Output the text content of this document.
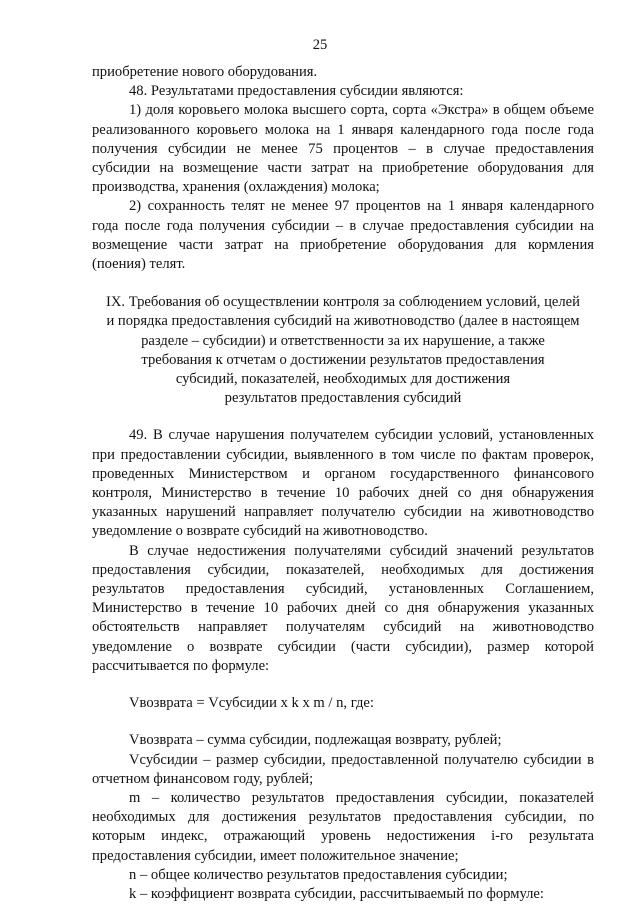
25

приобретение нового оборудования.

48. Результатами предоставления субсидии являются:

1) доля коровьего молока высшего сорта, сорта «Экстра» в общем объеме реализованного коровьего молока на 1 января календарного года после года получения субсидии не менее 75 процентов – в случае предоставления субсидии на возмещение части затрат на приобретение оборудования для производства, хранения (охлаждения) молока;

2) сохранность телят не менее 97 процентов на 1 января календарного года после года получения субсидии – в случае предоставления субсидии на возмещение части затрат на приобретение оборудования для кормления (поения) телят.

IX. Требования об осуществлении контроля за соблюдением условий, целей

и порядка предоставления субсидий на животноводство (далее в настоящем

разделе – субсидии) и ответственности за их нарушение, а также

требования к отчетам о достижении результатов предоставления

субсидий, показателей, необходимых для достижения

результатов предоставления субсидий

49. В случае нарушения получателем субсидии условий, установленных при предоставлении субсидии, выявленного в том числе по фактам проверок, проведенных Министерством и органом государственного финансового контроля, Министерство в течение 10 рабочих дней со дня обнаружения указанных нарушений направляет получателю субсидии на животноводство уведомление о возврате субсидий на животноводство.

В случае недостижения получателями субсидий значений результатов предоставления субсидии, показателей, необходимых для достижения результатов предоставления субсидий, установленных Соглашением, Министерство в течение 10 рабочих дней со дня обнаружения указанных обстоятельств направляет получателям субсидий на животноводство уведомление о возврате субсидии (части субсидии), размер которой рассчитывается по формуле:

Vвозврата = Vсубсидии x k x m / n, где:

Vвозврата – сумма субсидии, подлежащая возврату, рублей;

Vсубсидии – размер субсидии, предоставленной получателю субсидии в отчетном финансовом году, рублей;

m – количество результатов предоставления субсидии, показателей необходимых для достижения результатов предоставления субсидии, по которым индекс, отражающий уровень недостижения i-го результата предоставления субсидии, имеет положительное значение;

n – общее количество результатов предоставления субсидии;

k – коэффициент возврата субсидии, рассчитываемый по формуле:
